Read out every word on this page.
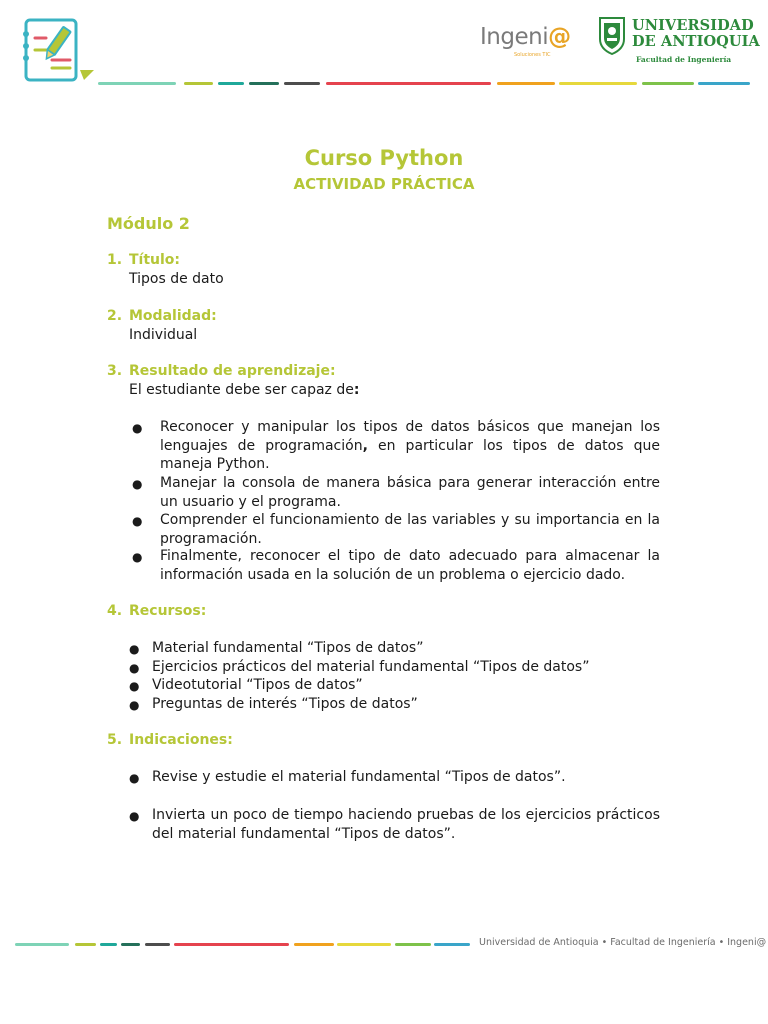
Ingeni@
Soluciones TIC
UNIVERSIDAD
DE ANTIOQUIA
Facultad de Ingeniería
Curso Python
ACTIVIDAD PRÁCTICA
Módulo 2
1. Título:
Tipos de dato
2. Modalidad:
Individual
3. Resultado de aprendizaje:
El estudiante debe ser capaz de:
● Reconocer y manipular los tipos de datos básicos que manejan los lenguajes de programación, en particular los tipos de datos que maneja Python.
● Manejar la consola de manera básica para generar interacción entre un usuario y el programa.
● Comprender el funcionamiento de las variables y su importancia en la programación.
● Finalmente, reconocer el tipo de dato adecuado para almacenar la información usada en la solución de un problema o ejercicio dado.
4. Recursos:
● Material fundamental “Tipos de datos”
● Ejercicios prácticos del material fundamental “Tipos de datos”
● Videotutorial “Tipos de datos”
● Preguntas de interés “Tipos de datos”
5. Indicaciones:
● Revise y estudie el material fundamental “Tipos de datos”.
● Invierta un poco de tiempo haciendo pruebas de los ejercicios prácticos del material fundamental “Tipos de datos”.
Universidad de Antioquia • Facultad de Ingeniería • Ingeni@
